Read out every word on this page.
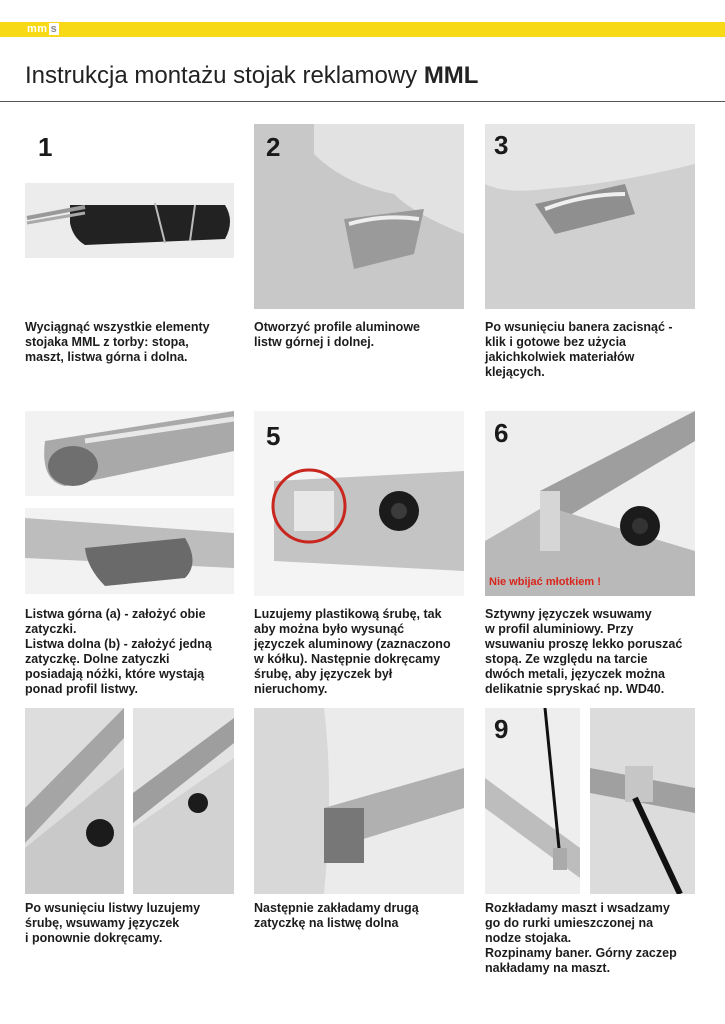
mm s
Instrukcja montażu stojak reklamowy MML
1
Wyciągnąć wszystkie elementy
stojaka MML z torby: stopa,
maszt, listwa górna i dolna.
2
Otworzyć profile aluminowe
listw górnej i dolnej.
3
Po wsunięciu banera zacisnąć -
klik i gotowe bez użycia
jakichkolwiek materiałów
klejących.
Listwa górna (a) - założyć obie
zatyczki.
Listwa dolna (b) - założyć jedną
zatyczkę. Dolne zatyczki
posiadają nóżki, które wystają
ponad profil listwy.
5
Luzujemy plastikową śrubę, tak
aby można było wysunąć
języczek aluminowy (zaznaczono
w kółku). Następnie dokręcamy
śrubę, aby języczek był
nieruchomy.
6
Nie wbijać młotkiem !
Sztywny języczek wsuwamy
w profil aluminiowy. Przy
wsuwaniu proszę lekko poruszać
stopą. Ze względu na tarcie
dwóch metali, języczek można
delikatnie spryskać np. WD40.
Po wsunięciu listwy luzujemy
śrubę, wsuwamy języczek
i ponownie dokręcamy.
Następnie zakładamy drugą
zatyczkę na listwę dolna
9
Rozkładamy maszt i wsadzamy
go do rurki umieszczonej na
nodze stojaka.
Rozpinamy baner. Górny zaczep
nakładamy na maszt.
